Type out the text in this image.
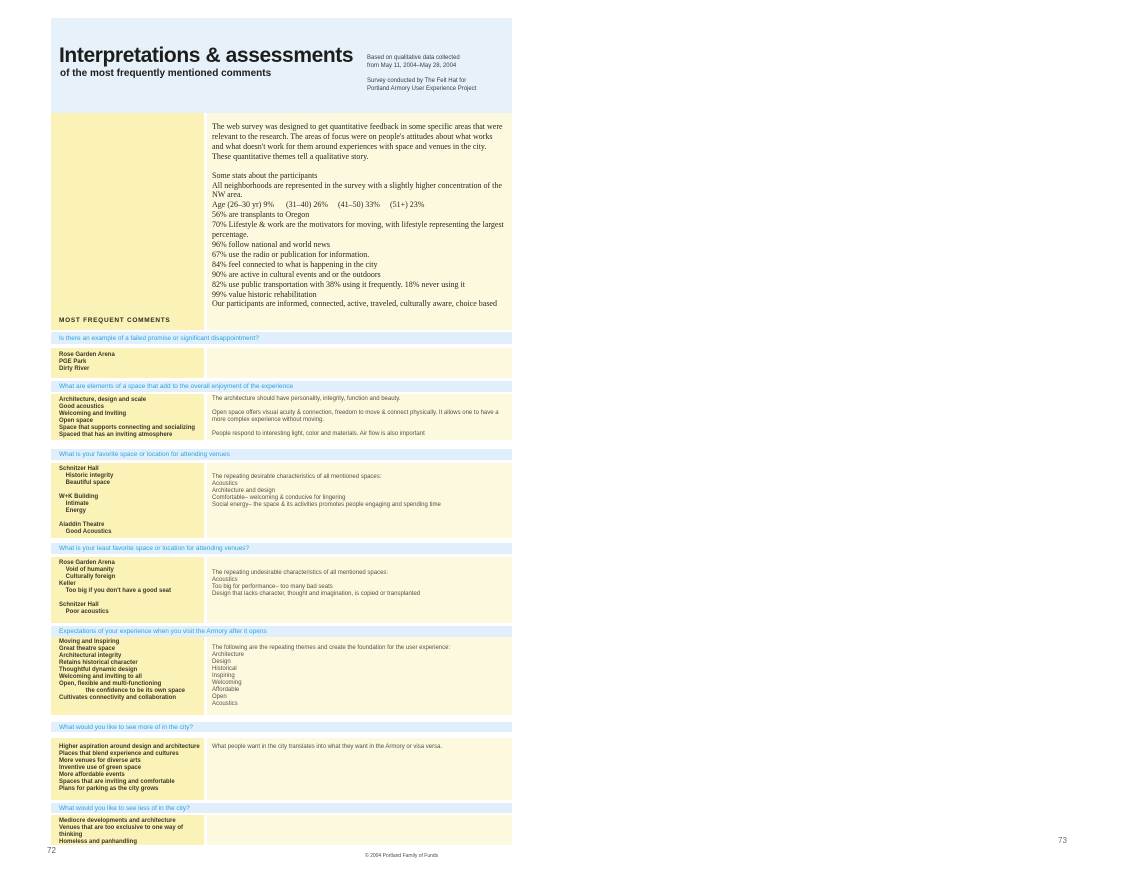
Interpretations & assessments
of the most frequently mentioned comments
Based on qualitative data collected
from May 11, 2004–May 28, 2004
Survey conducted by The Felt Hat for
Portland Armory User Experience Project
MOST FREQUENT COMMENTS
The web survey was designed to get quantitative feedback in some specific areas that were relevant to the research. The areas of focus were on people's attitudes about what works and what doesn't work for them around experiences with space and venues in the city. These quantitative themes tell a qualitative story.
Some stats about the participants
All neighborhoods are represented in the survey with a slightly higher concentration of the NW area.
Age (26–30 yr) 9%      (31–40) 26%     (41–50) 33%     (51+) 23%
56% are transplants to Oregon
70% Lifestyle & work are the motivators for moving, with lifestyle representing the largest percentage.
96% follow national and world news
67% use the radio or publication for information.
84% feel connected to what is happening in the city
90% are active in cultural events and or the outdoors
82% use public transportation with 38% using it frequently. 18% never using it
99% value historic rehabilitation
Our participants are informed, connected, active, traveled, culturally aware, choice based
Is there an example of a failed promise or significant disappointment?
Rose Garden Arena
PGE Park
Dirty River
What are elements of a space that add to the overall enjoyment of the experience
Architecture, design and scale
Good acoustics
Welcoming and Inviting
Open space
Space that supports connecting and socializing
Spaced that has an inviting atmosphere
The architecture should have personality, integrity, function and beauty.
Open space offers visual acuity & connection, freedom to move & connect physically. It allows one to have a more complex experience without moving.
People respond to interesting light, color and materials. Air flow is also important
What is your favorite space or location for attending venues
Schnitzer Hall
Historic integrity
Beautiful space
W+K Building
Intimate
Energy
Aladdin Theatre
Good Acoustics
The repeating desirable characteristics of all mentioned spaces:
Acoustics
Architecture and design
Comfortable– welcoming & conducive for lingering
Social energy– the space & its activities promotes people engaging and spending time
What is your least favorite space or location for attending venues?
Rose Garden Arena
Void of humanity
Culturally foreign
Keller
Too big if you don't have a good seat
Schnitzer Hall
Poor acoustics
The repeating undesirable characteristics of all mentioned spaces:
Acoustics
Too big for performance– too many bad seats
Design that lacks character, thought and imagination, is copied or transplanted
Expectations of your experience when you visit the Armory after it opens
Moving and Inspiring
Great theatre space
Architectural integrity
Retains historical character
Thoughtful dynamic design
Welcoming and inviting to all
Open, flexible and multi-functioning
the confidence to be its own space
Cultivates connectivity and collaboration
The following are the repeating themes and create the foundation for the user experience:
Architecture
Design
Historical
Inspiring
Welcoming
Affordable
Open
Acoustics
What would you like to see more of in the city?
Higher aspiration around design and architecture
Places that blend experience and cultures
More venues for diverse arts
Inventive use of green space
More affordable events
Spaces that are inviting and comfortable
Plans for parking as the city grows
What people want in the city translates into what they want in the Armory or visa versa.
What would you like to see less of in the city?
Mediocre developments and architecture
Venues that are too exclusive to one way of
thinking
Homeless and panhandling
72
© 2004 Portland Family of Funds
73
